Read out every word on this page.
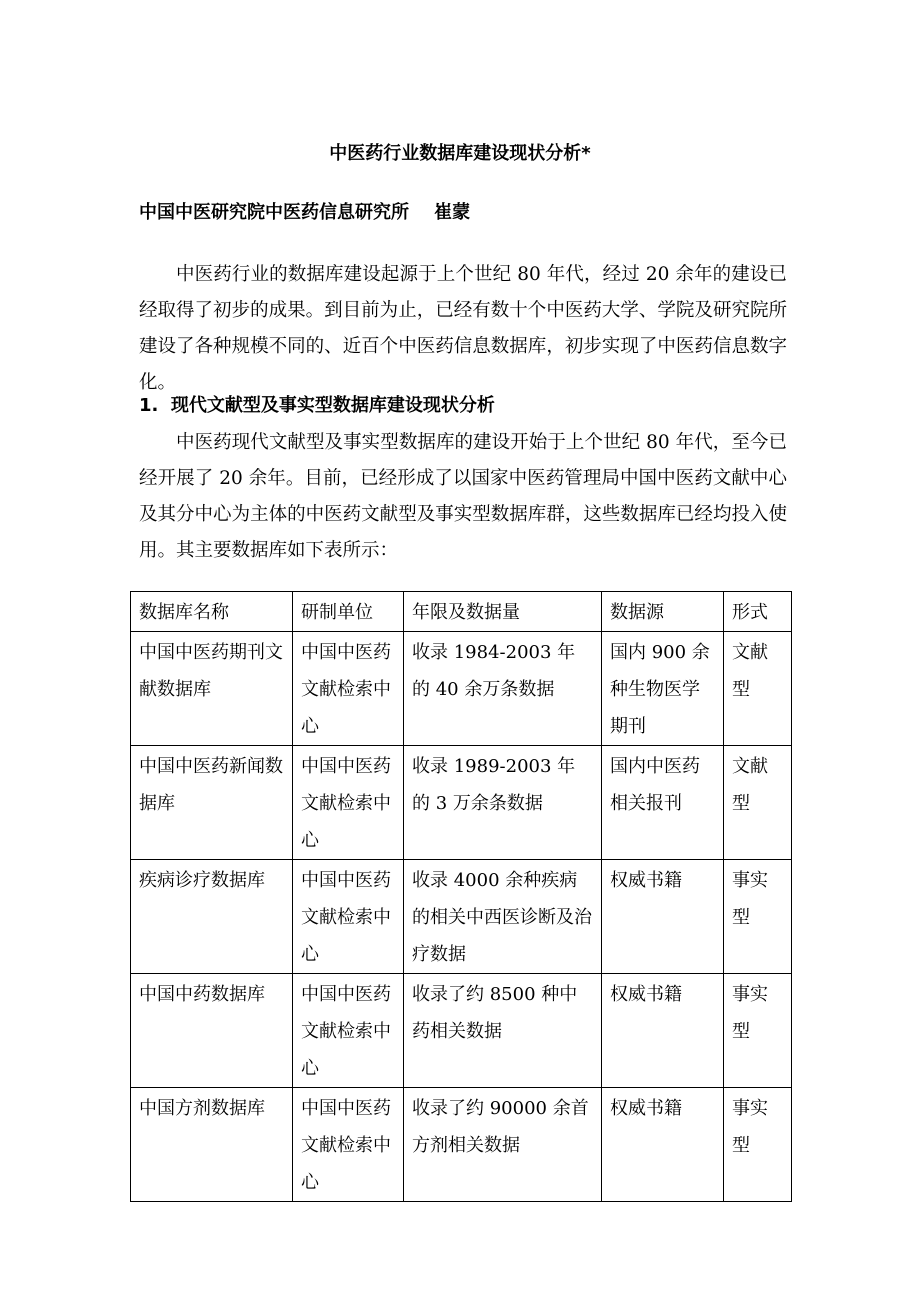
中医药行业数据库建设现状分析*
中国中医研究院中医药信息研究所    崔蒙

中医药行业的数据库建设起源于上个世纪 80 年代，经过 20 余年的建设已经取得了初步的成果。到目前为止，已经有数十个中医药大学、学院及研究院所建设了各种规模不同的、近百个中医药信息数据库，初步实现了中医药信息数字化。

1.  现代文献型及事实型数据库建设现状分析

中医药现代文献型及事实型数据库的建设开始于上个世纪 80 年代，至今已经开展了 20 余年。目前，已经形成了以国家中医药管理局中国中医药文献中心及其分中心为主体的中医药文献型及事实型数据库群，这些数据库已经均投入使用。其主要数据库如下表所示：

数据库名称	研制单位	年限及数据量	数据源	形式
中国中医药期刊文献数据库	中国中医药文献检索中心	收录 1984-2003 年的 40 余万条数据	国内 900 余种生物医学期刊	文献型
中国中医药新闻数据库	中国中医药文献检索中心	收录 1989-2003 年的 3 万余条数据	国内中医药相关报刊	文献型
疾病诊疗数据库	中国中医药文献检索中心	收录 4000 余种疾病的相关中西医诊断及治疗数据	权威书籍	事实型
中国中药数据库	中国中医药文献检索中心	收录了约 8500 种中药相关数据	权威书籍	事实型
中国方剂数据库	中国中医药文献检索中心	收录了约 90000 余首方剂相关数据	权威书籍	事实型
